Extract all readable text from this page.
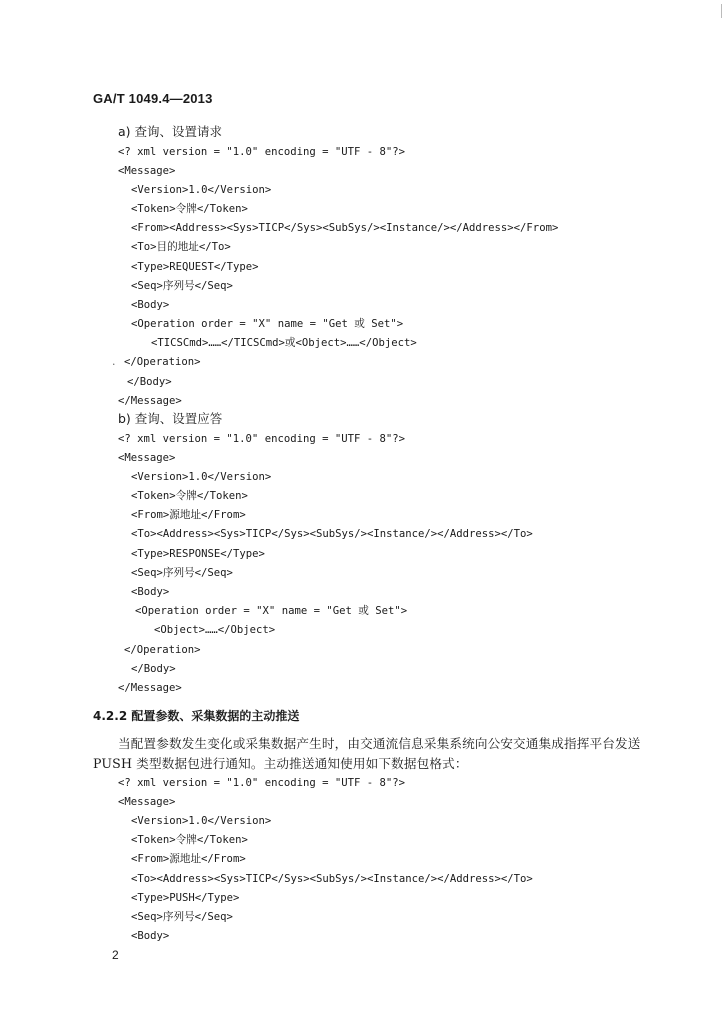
GA/T 1049.4—2013
a) 查询、设置请求
<? xml version = "1.0" encoding = "UTF - 8"?>
<Message>
<Version>1.0</Version>
<Token>令牌</Token>
<From><Address><Sys>TICP</Sys><SubSys/><Instance/></Address></From>
<To>目的地址</To>
<Type>REQUEST</Type>
<Seq>序列号</Seq>
<Body>
<Operation order = "X" name = "Get 或 Set">
<TICSCmd>……</TICSCmd>或<Object>……</Object>
· </Operation>
</Body>
</Message>
b) 查询、设置应答
<? xml version = "1.0" encoding = "UTF - 8"?>
<Message>
<Version>1.0</Version>
<Token>令牌</Token>
<From>源地址</From>
<To><Address><Sys>TICP</Sys><SubSys/><Instance/></Address></To>
<Type>RESPONSE</Type>
<Seq>序列号</Seq>
<Body>
<Operation order = "X" name = "Get 或 Set">
<Object>……</Object>
</Operation>
</Body>
</Message>
4.2.2 配置参数、采集数据的主动推送
当配置参数发生变化或采集数据产生时，由交通流信息采集系统向公安交通集成指挥平台发送
PUSH 类型数据包进行通知。主动推送通知使用如下数据包格式：
<? xml version = "1.0" encoding = "UTF - 8"?>
<Message>
<Version>1.0</Version>
<Token>令牌</Token>
<From>源地址</From>
<To><Address><Sys>TICP</Sys><SubSys/><Instance/></Address></To>
<Type>PUSH</Type>
<Seq>序列号</Seq>
<Body>
2
